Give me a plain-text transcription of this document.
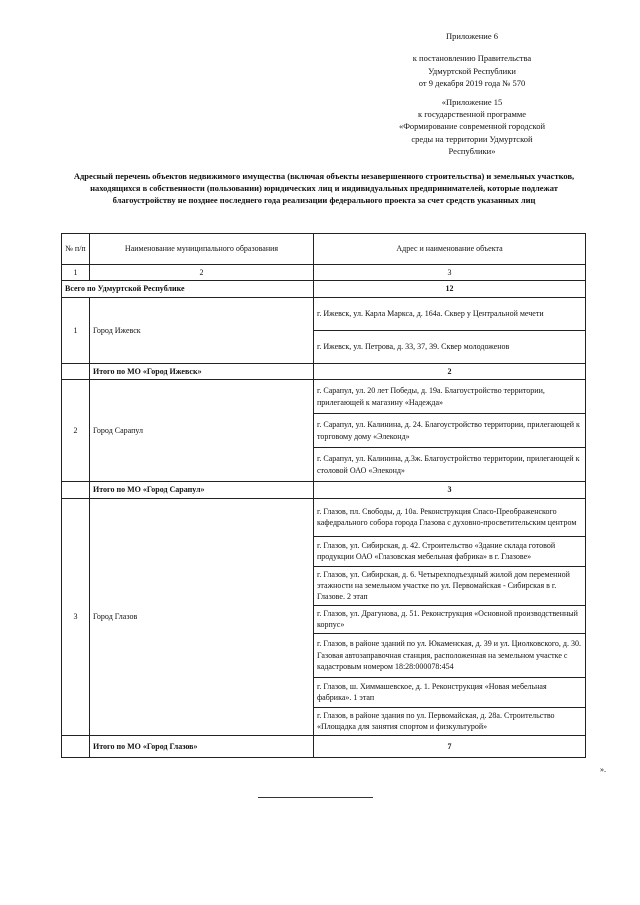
Приложение 6
к постановлению Правительства
Удмуртской Республики
от 9 декабря 2019 года № 570
«Приложение 15
к государственной программе
«Формирование современной городской
среды на территории Удмуртской
Республики»
Адресный перечень объектов недвижимого имущества (включая объекты незавершенного строительства) и земельных участков,
находящихся в собственности (пользовании) юридических лиц и индивидуальных предпринимателей, которые подлежат
благоустройству не позднее последнего года реализации федерального проекта за счет средств указанных лиц
№ п/п	Наименование муниципального образования	Адрес и наименование объекта
1	2	3
Всего по Удмуртской Республике		12
1	Город Ижевск	г. Ижевск, ул. Карла Маркса, д. 164а. Сквер у Центральной мечети
		г. Ижевск, ул. Петрова, д. 33, 37, 39. Сквер молодоженов
	Итого по МО «Город Ижевск»	2
2	Город Сарапул	г. Сарапул, ул. 20 лет Победы, д. 19а. Благоустройство территории, прилегающей к магазину «Надежда»
		г. Сарапул, ул. Калинина, д. 24. Благоустройство территории, прилегающей к торговому дому «Элеконд»
		г. Сарапул, ул. Калинина, д.3ж. Благоустройство территории, прилегающей к столовой ОАО «Элеконд»
	Итого по МО «Город Сарапул»	3
3	Город Глазов	г. Глазов, пл. Свободы, д. 10а. Реконструкция Спасо-Преображенского кафедрального собора города Глазова с духовно-просветительским центром
		г. Глазов, ул. Сибирская, д. 42. Строительство «Здание склада готовой продукции ОАО «Глазовская мебельная фабрика» в г. Глазове»
		г. Глазов, ул. Сибирская, д. 6. Четырехподъездный жилой дом переменной этажности на земельном участке по ул. Первомайская - Сибирская в г. Глазове. 2 этап
		г. Глазов, ул. Драгунова, д. 51. Реконструкция «Основной производственный корпус»
		г. Глазов, в районе зданий по ул. Юкаменская, д. 39 и ул. Циолковского, д. 30. Газовая автозаправочная станция, расположенная на земельном участке с кадастровым номером 18:28:000078:454
		г. Глазов, ш. Химмашевское, д. 1. Реконструкция «Новая мебельная фабрика». 1 этап
		г. Глазов, в районе здания по ул. Первомайская, д. 28а. Строительство «Площадка для занятия спортом и физкультурой»
	Итого по МО «Город Глазов»	7
».
